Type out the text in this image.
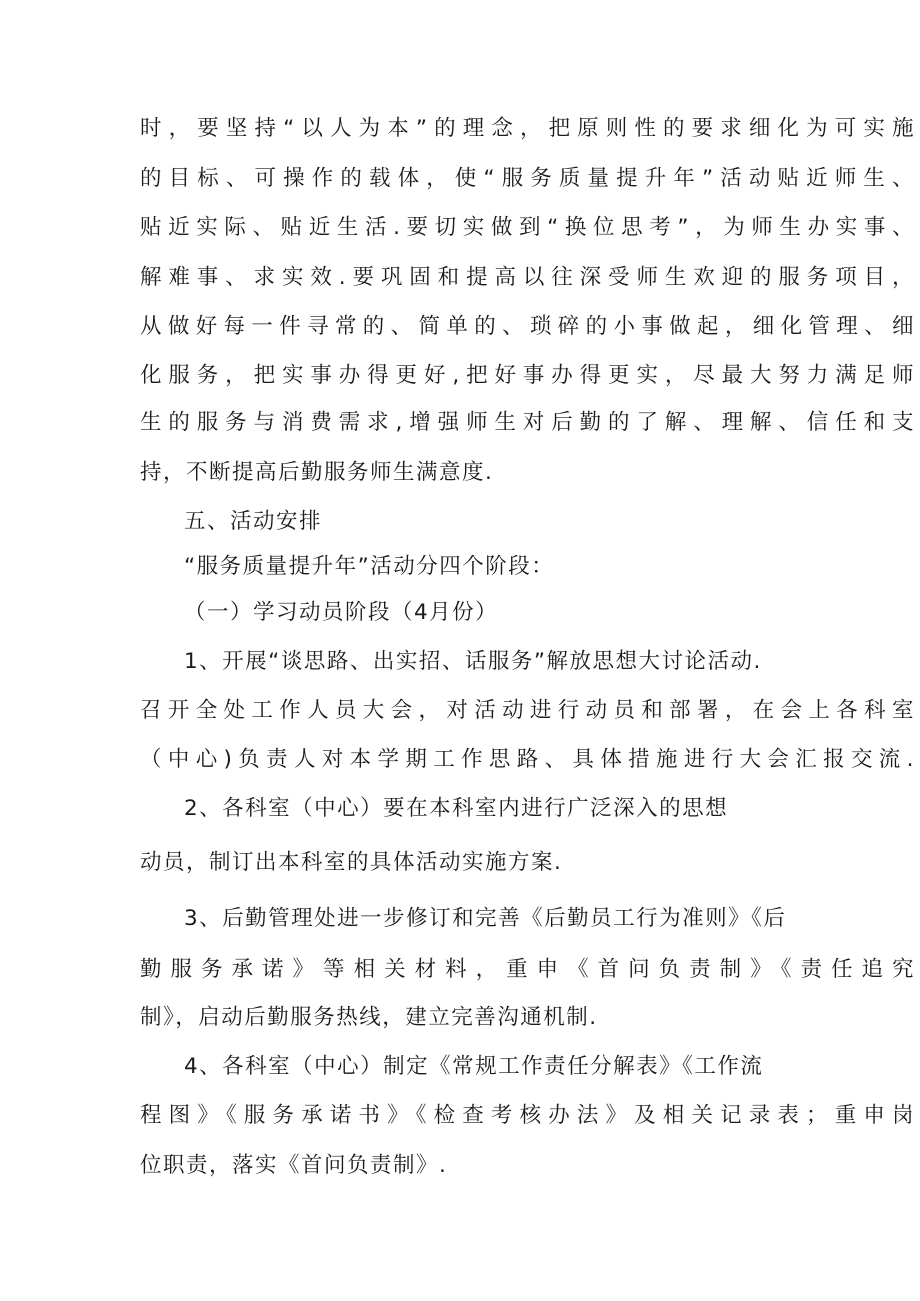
时，要坚持“以人为本”的理念，把原则性的要求细化为可实施
的目标、可操作的载体，使“服务质量提升年”活动贴近师生、
贴近实际、贴近生活.要切实做到“换位思考”，为师生办实事、
解难事、求实效.要巩固和提高以往深受师生欢迎的服务项目，
从做好每一件寻常的、简单的、琐碎的小事做起，细化管理、细
化服务，把实事办得更好,把好事办得更实，尽最大努力满足师
生的服务与消费需求,增强师生对后勤的了解、理解、信任和支
持，不断提高后勤服务师生满意度.
五、活动安排
“服务质量提升年”活动分四个阶段：
（一）学习动员阶段（4月份）
1、开展“谈思路、出实招、话服务”解放思想大讨论活动.
召开全处工作人员大会，对活动进行动员和部署，在会上各科室
（中心)负责人对本学期工作思路、具体措施进行大会汇报交流.
2、各科室（中心）要在本科室内进行广泛深入的思想
动员，制订出本科室的具体活动实施方案.
3、后勤管理处进一步修订和完善《后勤员工行为准则》《后
勤服务承诺》等相关材料，重申《首问负责制》《责任追究
制》，启动后勤服务热线，建立完善沟通机制.
4、各科室（中心）制定《常规工作责任分解表》《工作流
程图》《服务承诺书》《检查考核办法》及相关记录表；重申岗
位职责，落实《首问负责制》.
